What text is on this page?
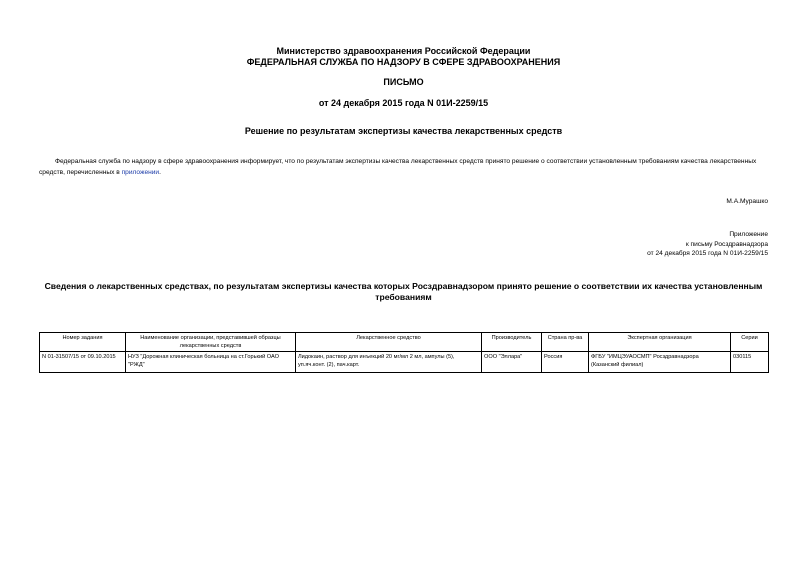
Министерство здравоохранения Российской Федерации
ФЕДЕРАЛЬНАЯ СЛУЖБА ПО НАДЗОРУ В СФЕРЕ ЗДРАВООХРАНЕНИЯ
ПИСЬМО
от 24 декабря 2015 года N 01И-2259/15
Решение по результатам экспертизы качества лекарственных средств
Федеральная служба по надзору в сфере здравоохранения информирует, что по результатам экспертизы качества лекарственных средств принято решение о соответствии установленным требованиям качества лекарственных средств, перечисленных в приложении.
М.А.Мурашко
Приложение
к письму Росздравнадзора
от 24 декабря 2015 года N 01И-2259/15
Сведения о лекарственных средствах, по результатам экспертизы качества которых Росздравнадзором принято решение о соответствии их качества установленным требованиям
Номер задания	Наименование организации, представившей образцы лекарственных средств	Лекарственное средство	Производитель	Страна пр-ва	Экспертная организация	Серии
N 01-31507/15 от 09.10.2015	НУЗ "Дорожная клиническая больница на ст.Горький ОАО "РЖД"	Лидокаин, раствор для инъекций 20 мг/мл 2 мл, ампулы (5), уп.яч.конт. (2), пач.карт.	ООО "Эллара"	Россия	ФГБУ "ИМЦЭУАОСМП" Росздравнадзора (Казанский филиал)	030115
